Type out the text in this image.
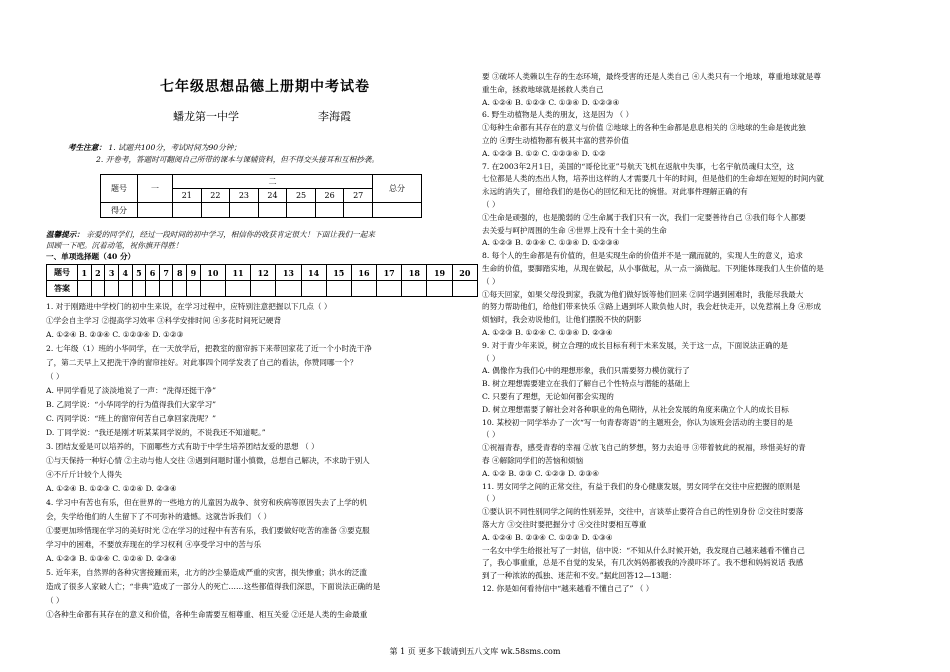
七年级思想品德上册期中考试卷
蟠龙第一中学	李海霞
考生注意： 1. 试题共100分，考试时间为90分钟；
2. 开卷考，答题时可翻阅自己所带的课本与课辅资料，但不得交头接耳和互相抄袭。
题号	一	二							总分
		21	22	23	24	25	26	27	
得分									
温馨提示： 亲爱的同学们，经过一段时间的初中学习，相信你的收获肯定很大！下面让我们一起来
回顾一下吧。沉着动笔，祝你旗开得胜！
一、单项选择题（40 分）
题号	1	2	3	4	5	6	7	8	9	10	11	12	13	14	15	16	17	18	19	20
答案																				
1. 对于刚踏进中学校门的初中生来说，在学习过程中，应特别注意把握以下几点（ ）
①学会自主学习 ②提高学习效率 ③科学安排时间 ④多花时间死记硬背
A. ①②④ B. ②③④ C. ①②③④ D. ①②③
2. 七年级（1）班的小华同学，在一天放学后，把教室的窗帘拆下来带回家花了近一个小时洗干净
了，第二天早上又把洗干净的窗帘挂好。对此事四个同学发表了自己的看法，你赞同哪一个？
（ ）
A. 甲同学看见了淡淡地说了一声：“洗得还挺干净”
B. 乙同学说：“小华同学的行为值得我们大家学习”
C. 丙同学说：“班上的窗帘何苦自己拿回家洗呢？”
D. 丁同学说：“我还是刚才听某某同学说的，不说我还不知道呢。”
3. 团结友爱是可以培养的，下面哪些方式有助于中学生培养团结友爱的思想 （ ）
①与天保持一种好心情 ②主动与他人交往 ③遇到问题时谨小慎微，总想自己解决，不求助于别人
④不斤斤计较个人得失
A. ①②④ B. ①②③ C. ①②④ D. ②③④
4. 学习中有苦也有乐，但在世界的一些地方的儿童因为战争、贫穷和疾病等原因失去了上学的机
会，失学给他们的人生留下了不可弥补的遗憾。这就告诉我们 （ ）
①要更加珍惜现在学习的美好时光 ②在学习的过程中有苦有乐，我们要做好吃苦的准备 ③要克服
学习中的困难，不要放弃现在的学习权利 ④享受学习中的苦与乐
A. ①②③ B. ①③④ C. ①②④ D. ②③④
5. 近年来，自然界的各种灾害接踵而来，北方的沙尘暴造成严重的灾害，损失惨重；洪水的泛滥
造成了很多人家破人亡；“非典”造成了一部分人的死亡……这些都值得我们深思，下面说法正确的是
（ ）
①各种生命都有其存在的意义和价值，各种生命需要互相尊重、相互关爱 ②还是人类的生命最重
要 ③破坏人类赖以生存的生态环境，最终受害的还是人类自己 ④人类只有一个地球，尊重地球就是尊
重生命，拯救地球就是拯救人类自己
A. ①②④ B. ①②③ C. ①③④ D. ①②③④
6. 野生动植物是人类的朋友，这是因为 （ ）
①每种生命都有其存在的意义与价值 ②地球上的各种生命都是息息相关的 ③地球的生命是彼此独
立的 ④野生动植物都有极其丰富的营养价值
A. ①②③ B. ①② C. ①②③④ D. ①②
7. 在2003年2月1日，美国的“哥伦比亚”号航天飞机在返航中失事，七名宇航员魂归太空，这
七位都是人类的杰出人物，培养出这样的人才需要几十年的时间，但是他们的生命却在短短的时间内就
永远的消失了，留给我们的是伤心的回忆和无比的惋惜。对此事件理解正确的有
（ ）
①生命是顽强的，也是脆弱的 ②生命属于我们只有一次，我们一定要善待自己 ③我们每个人都要
去关爱与呵护周围的生命 ④世界上没有十全十美的生命
A. ①②③ B. ②③④ C. ①③④ D. ①②③④
8. 每个人的生命都是有价值的，但是实现生命的价值并不是一蹴而就的，实现人生的意义，追求
生命的价值，要脚踏实地，从现在做起，从小事做起，从一点一滴做起。下列能体现我们人生价值的是
（ ）
①每天回家，如果父母没到家，我就为他们做好饭等他们回来 ②同学遇到困难时，我能尽我最大
的努力帮助他们，给他们带来快乐 ③路上遇到坏人欺负他人时，我会赶快走开，以免惹祸上身 ④形成
烦恼时，我会劝说他们，让他们摆脱不快的阴影
A. ①②③ B. ①②④ C. ①③④ D. ②③④
9. 对于青少年来说，树立合理的成长目标有利于未来发展，关于这一点，下面说法正确的是
（ ）
A. 偶像作为我们心中的理想形象，我们只需要努力模仿就行了
B. 树立理想需要建立在我们了解自己个性特点与潜能的基础上
C. 只要有了理想，无论如何都会实现的
D. 树立理想需要了解社会对各种职业的角色期待，从社会发展的角度来确立个人的成长目标
10. 某校初一同学举办了一次“写一句青春寄语”的主题班会，你认为该班会活动的主要目的是
（ ）
①祝福青春，感受青春的幸福 ②放飞自己的梦想，努力去追寻 ③带着彼此的祝福，珍惜美好的青
春 ④解除同学们的苦恼和烦恼
A. ①② B. ②③ C. ①②③ D. ②③④
11. 男女同学之间的正常交往，有益于我们的身心健康发展，男女同学在交往中应把握的原则是
（ ）
①要认识不同性别同学之间的性别差异，交往中，言谈举止要符合自己的性别身份 ②交往时要落
落大方 ③交往时要把握分寸 ④交往时要相互尊重
A. ①②④ B. ②③④ C. ①②③ D. ①③④
一名女中学生给报社写了一封信，信中说：“不知从什么时候开始，我发现自己越来越看不懂自己
了，我心事重重，总是不自觉的发呆，有几次妈妈都被我的冷漠吓坏了。我不想和妈妈说话 我感
到了一种浓浓的孤独、迷茫和不安。”据此回答12—13题：
12. 你是如何看待信中“越来越看不懂自己了” （ ）
第 1 页 更多下载请到五八文库 wk.58sms.com
